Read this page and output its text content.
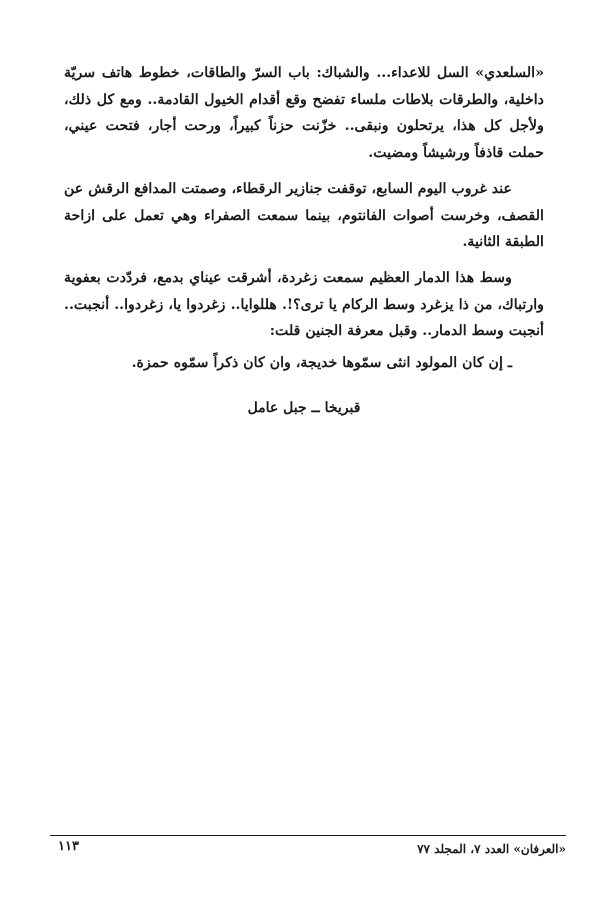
«السلعدي» السل للاعداء... والشباك: باب السرّ والطاقات، خطوط هاتف سريّة داخلية، والطرقات بلاطات ملساء تفضح وقع أقدام الخيول القادمة.. ومع كل ذلك، ولأجل كل هذا، يرتحلون ونبقى.. خزّنت حزناً كبيراً، ورحت أجار، فتحت عيني، حملت قاذفاً ورشيشاً ومضيت.

عند غروب اليوم السابع، توقفت جنازير الرقطاء، وصمتت المدافع الرقش عن القصف، وخرست أصوات الفانتوم، بينما سمعت الصفراء وهي تعمل على ازاحة الطبقة الثانية.

وسط هذا الدمار العظيم سمعت زغردة، أشرقت عيناي بدمع، فردّدت بعفوية وارتباك، من ذا يزغرد وسط الركام يا ترى؟!. هللوايا.. زغردوا يا، زغردوا.. أنجبت.. أنجبت وسط الدمار.. وقبل معرفة الجنين قلت:

ـ إن كان المولود انثى سمّوها خديجة، وان كان ذكراً سمّوه حمزة.

قبريخا ــ جبل عامل
«العرفان» العدد ٧، المجلد ٧٧
١١٣
